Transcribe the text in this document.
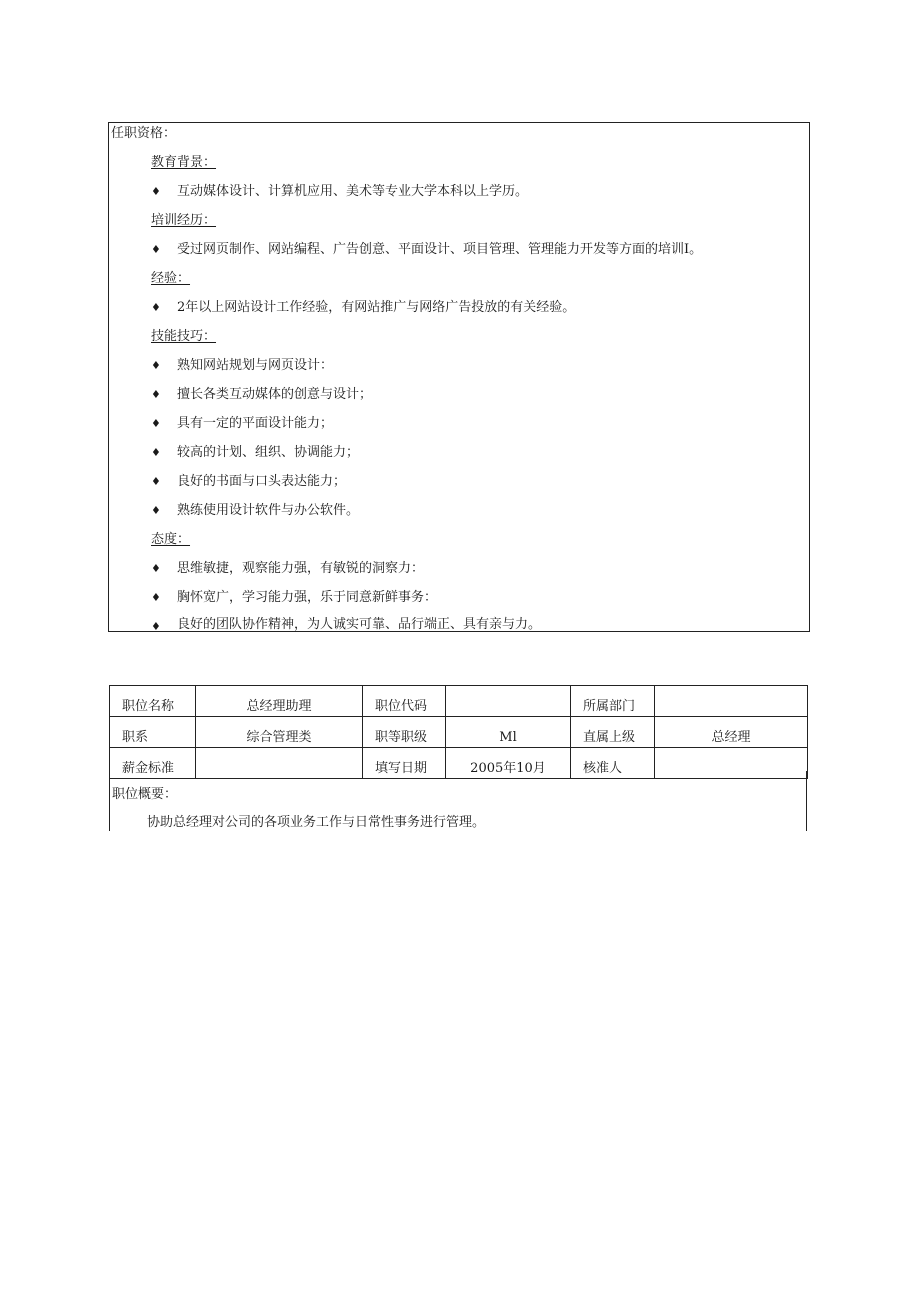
任职资格：
教育背景：
♦ 互动媒体设计、计算机应用、美术等专业大学本科以上学历。
培训经历：
♦ 受过网页制作、网站编程、广告创意、平面设计、项目管理、管理能力开发等方面的培训I。
经验：
♦ 2年以上网站设计工作经验，有网站推广与网络广告投放的有关经验。
技能技巧：
♦ 熟知网站规划与网页设计：
♦ 擅长各类互动媒体的创意与设计；
♦ 具有一定的平面设计能力；
♦ 较高的计划、组织、协调能力；
♦ 良好的书面与口头表达能力；
♦ 熟练使用设计软件与办公软件。
态度：
♦ 思维敏捷，观察能力强，有敏锐的洞察力：
♦ 胸怀宽广，学习能力强，乐于同意新鲜事务：
♦ 良好的团队协作精神，为人诚实可靠、品行端正、具有亲与力。
职位名称	总经理助理	职位代码		所属部门	
职系	综合管理类	职等职级	Ml	直属上级	总经理
薪金标准		填写日期	2005年10月	核准人	
职位概要：
协助总经理对公司的各项业务工作与日常性事务进行管理。
